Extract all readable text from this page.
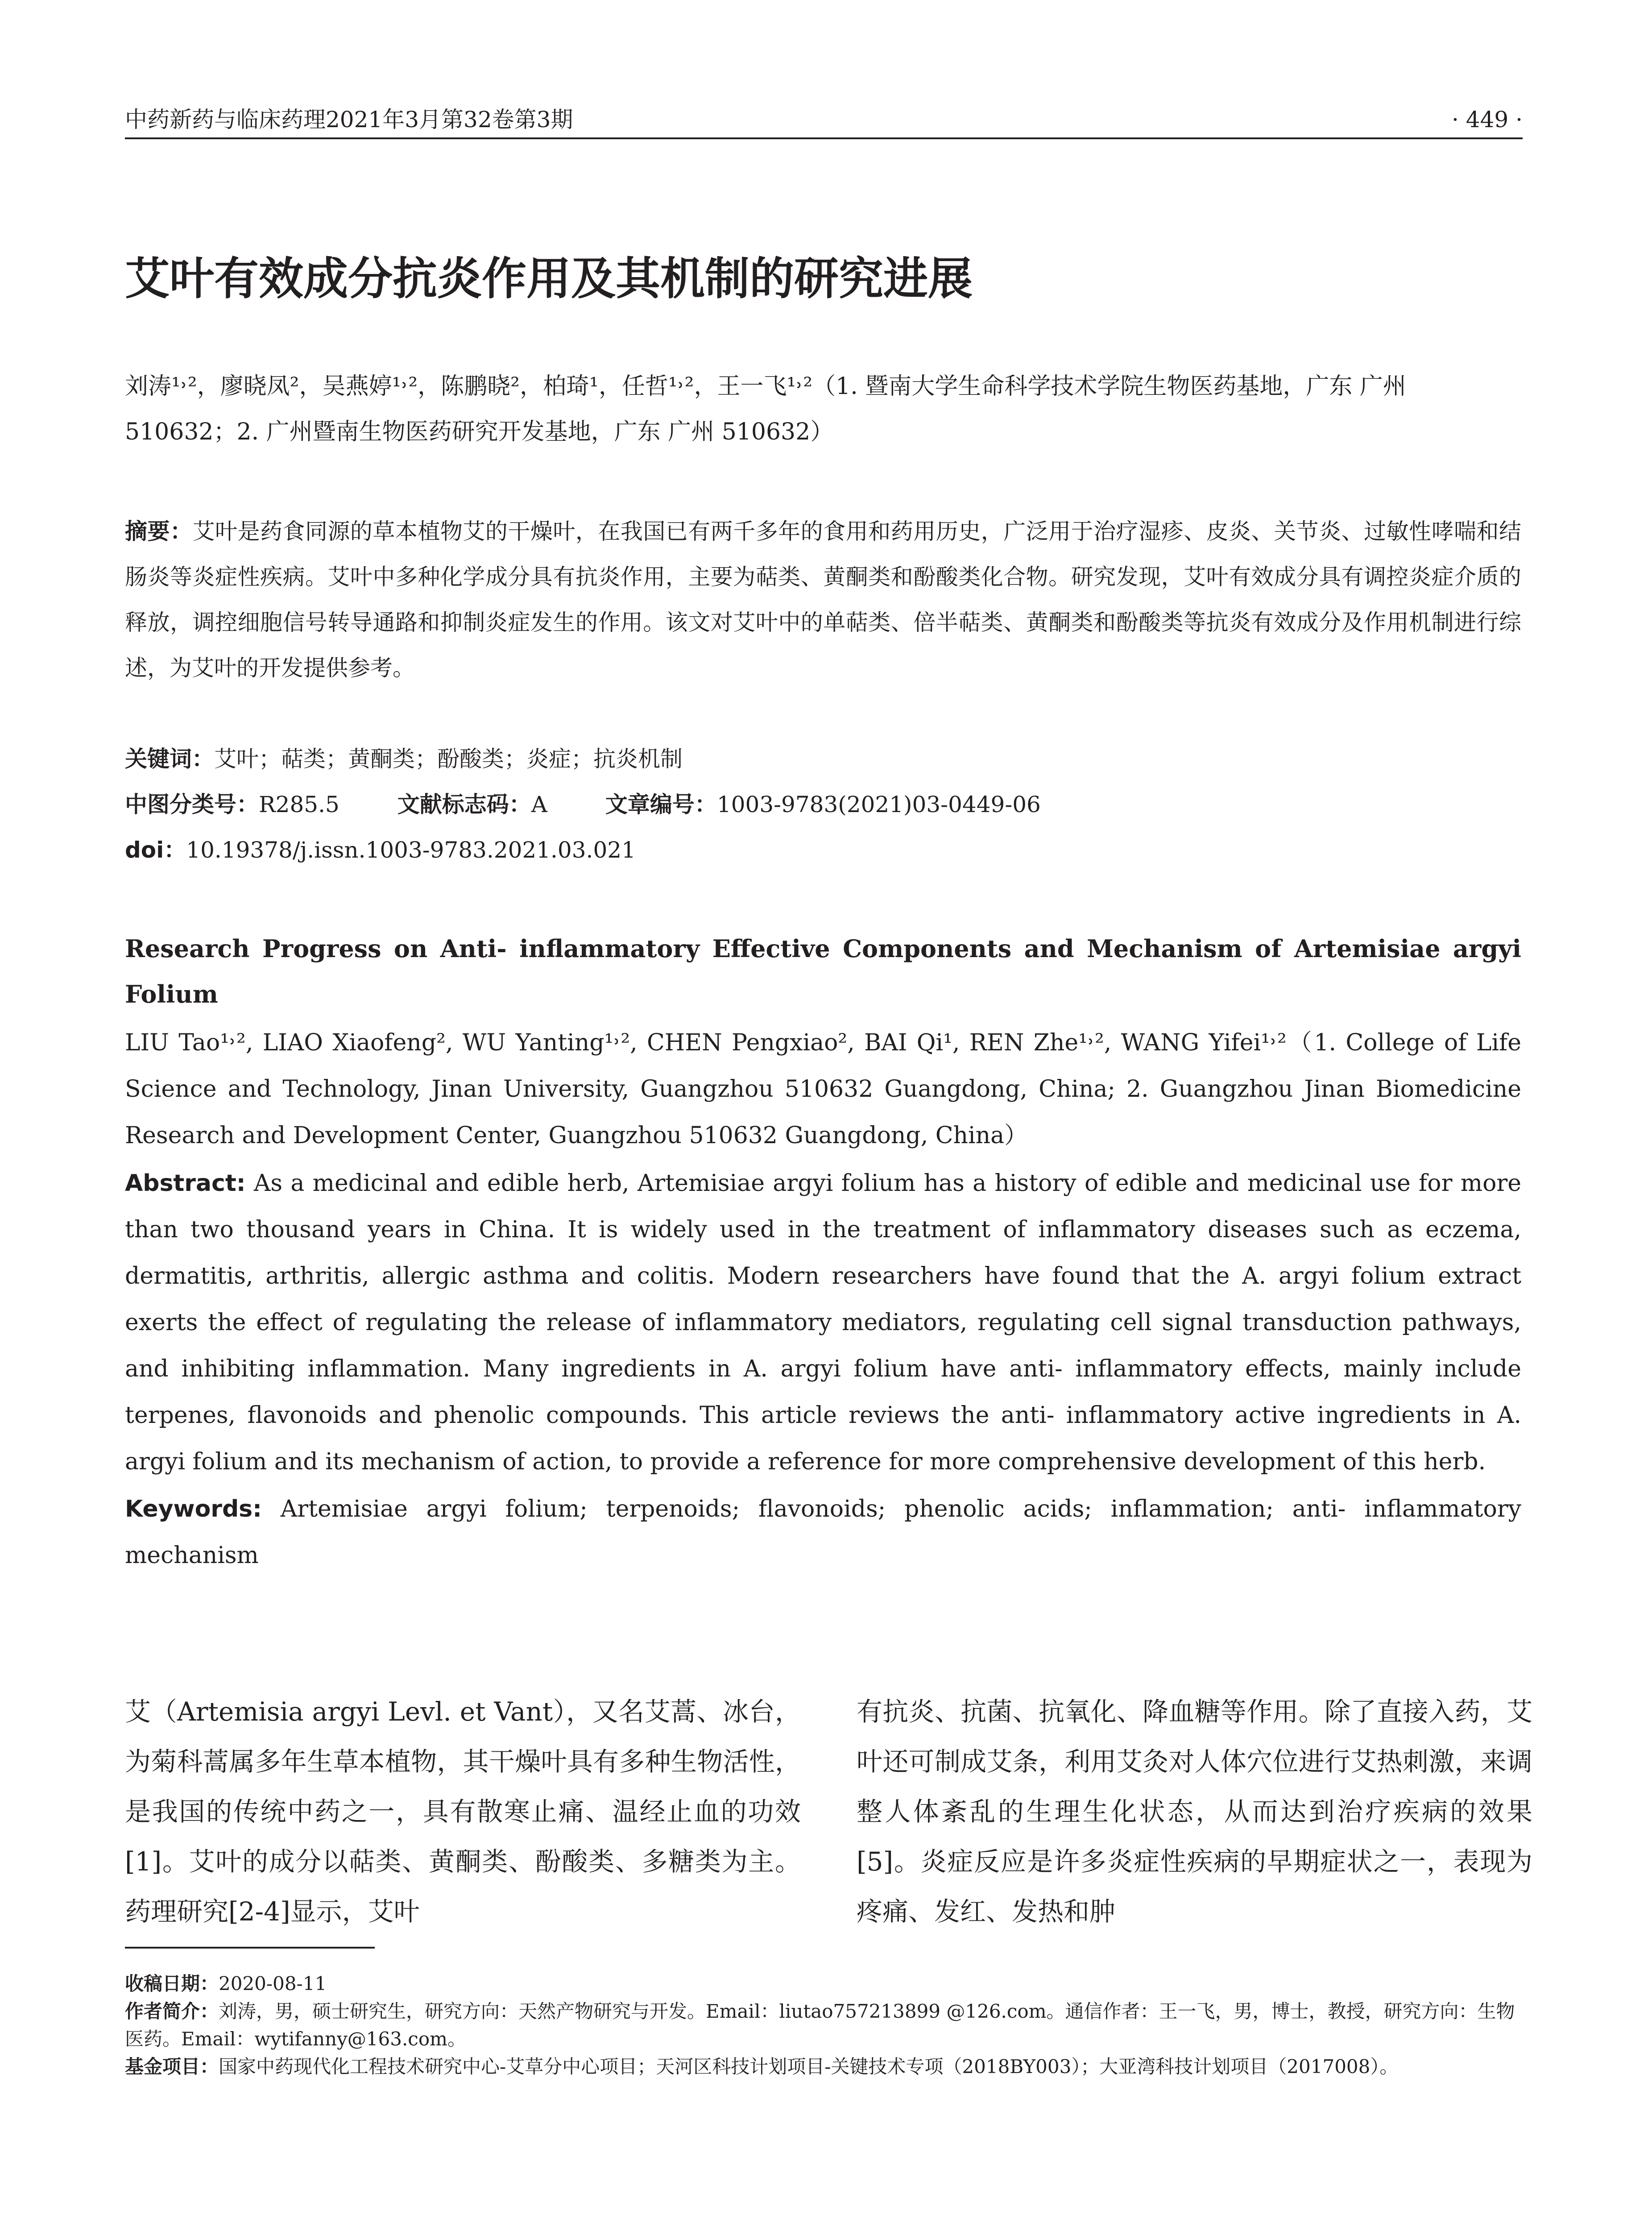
中药新药与临床药理2021年3月第32卷第3期	· 449 ·
艾叶有效成分抗炎作用及其机制的研究进展
刘涛¹˒²，廖晓凤²，吴燕婷¹˒²，陈鹏晓²，柏琦¹，任哲¹˒²，王一飞¹˒²（1. 暨南大学生命科学技术学院生物医药基地，广东 广州 510632；2. 广州暨南生物医药研究开发基地，广东 广州 510632）
摘要：艾叶是药食同源的草本植物艾的干燥叶，在我国已有两千多年的食用和药用历史，广泛用于治疗湿疹、皮炎、关节炎、过敏性哮喘和结肠炎等炎症性疾病。艾叶中多种化学成分具有抗炎作用，主要为萜类、黄酮类和酚酸类化合物。研究发现，艾叶有效成分具有调控炎症介质的释放，调控细胞信号转导通路和抑制炎症发生的作用。该文对艾叶中的单萜类、倍半萜类、黄酮类和酚酸类等抗炎有效成分及作用机制进行综述，为艾叶的开发提供参考。
关键词：艾叶；萜类；黄酮类；酚酸类；炎症；抗炎机制
中图分类号：R285.5	文献标志码：A	文章编号：1003-9783(2021)03-0449-06
doi：10.19378/j.issn.1003-9783.2021.03.021
Research Progress on Anti- inflammatory Effective Components and Mechanism of Artemisiae argyi Folium
LIU Tao¹˒², LIAO Xiaofeng², WU Yanting¹˒², CHEN Pengxiao², BAI Qi¹, REN Zhe¹˒², WANG Yifei¹˒²（1. College of Life Science and Technology, Jinan University, Guangzhou 510632 Guangdong, China; 2. Guangzhou Jinan Biomedicine Research and Development Center, Guangzhou 510632 Guangdong, China）
Abstract: As a medicinal and edible herb, Artemisiae argyi folium has a history of edible and medicinal use for more than two thousand years in China. It is widely used in the treatment of inflammatory diseases such as eczema, dermatitis, arthritis, allergic asthma and colitis. Modern researchers have found that the A. argyi folium extract exerts the effect of regulating the release of inflammatory mediators, regulating cell signal transduction pathways, and inhibiting inflammation. Many ingredients in A. argyi folium have anti- inflammatory effects, mainly include terpenes, flavonoids and phenolic compounds. This article reviews the anti- inflammatory active ingredients in A. argyi folium and its mechanism of action, to provide a reference for more comprehensive development of this herb.
Keywords: Artemisiae argyi folium; terpenoids; flavonoids; phenolic acids; inflammation; anti- inflammatory mechanism
艾（Artemisia argyi Levl. et Vant），又名艾蒿、冰台，为菊科蒿属多年生草本植物，其干燥叶具有多种生物活性，是我国的传统中药之一，具有散寒止痛、温经止血的功效[1]。艾叶的成分以萜类、黄酮类、酚酸类、多糖类为主。药理研究[2-4]显示，艾叶
有抗炎、抗菌、抗氧化、降血糖等作用。除了直接入药，艾叶还可制成艾条，利用艾灸对人体穴位进行艾热刺激，来调整人体紊乱的生理生化状态，从而达到治疗疾病的效果[5]。炎症反应是许多炎症性疾病的早期症状之一，表现为疼痛、发红、发热和肿

收稿日期：2020-08-11

作者简介：刘涛，男，硕士研究生，研究方向：天然产物研究与开发。Email：liutao757213899 @126.com。通信作者：王一飞，男，博士，教授，研究方向：生物医药。Email：wytifanny@163.com。

基金项目：国家中药现代化工程技术研究中心-艾草分中心项目；天河区科技计划项目-关键技术专项（2018BY003）；大亚湾科技计划项目（2017008）。
